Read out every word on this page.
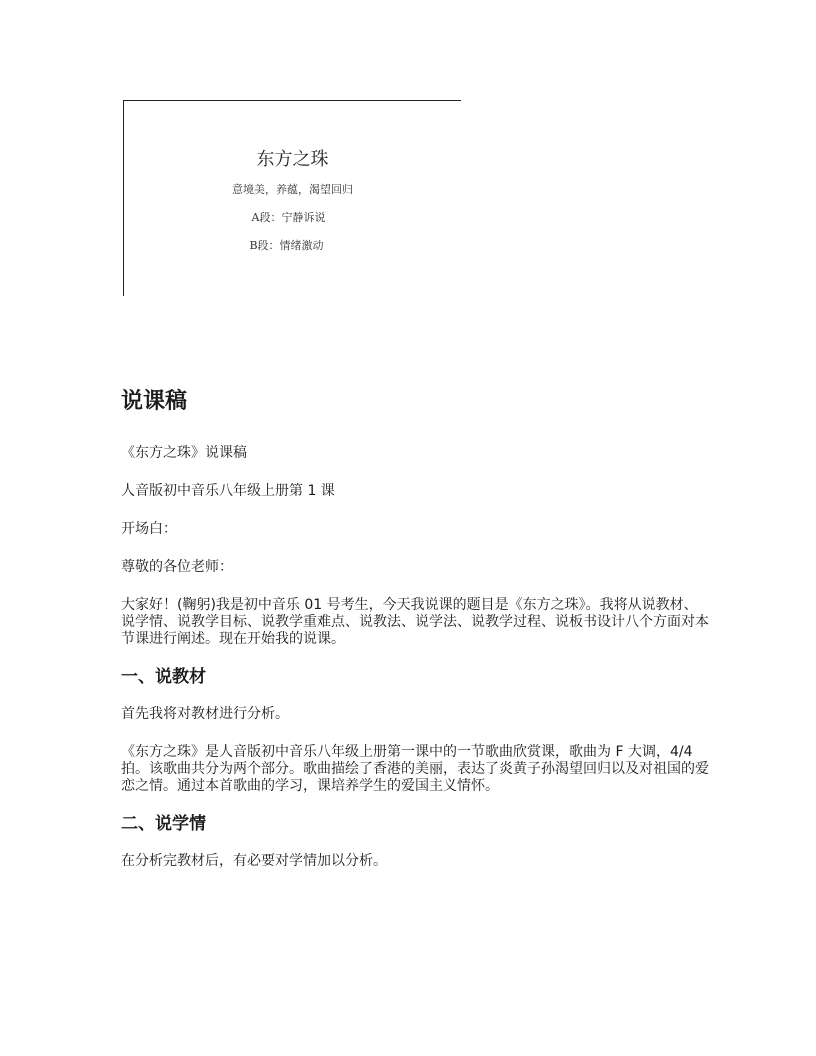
东方之珠

意境美，养蕴，渴望回归

A段：宁静诉说

B段：情绪激动

说课稿

《东方之珠》说课稿

人音版初中音乐八年级上册第 1 课

开场白：

尊敬的各位老师：

大家好！(鞠躬)我是初中音乐 01 号考生，今天我说课的题目是《东方之珠》。我将从说教材、说学情、说教学目标、说教学重难点、说教法、说学法、说教学过程、说板书设计八个方面对本节课进行阐述。现在开始我的说课。

一、说教材

首先我将对教材进行分析。

《东方之珠》是人音版初中音乐八年级上册第一课中的一节歌曲欣赏课，歌曲为 F 大调，4/4 拍。该歌曲共分为两个部分。歌曲描绘了香港的美丽，表达了炎黄子孙渴望回归以及对祖国的爱恋之情。通过本首歌曲的学习，课培养学生的爱国主义情怀。

二、说学情

在分析完教材后，有必要对学情加以分析。
